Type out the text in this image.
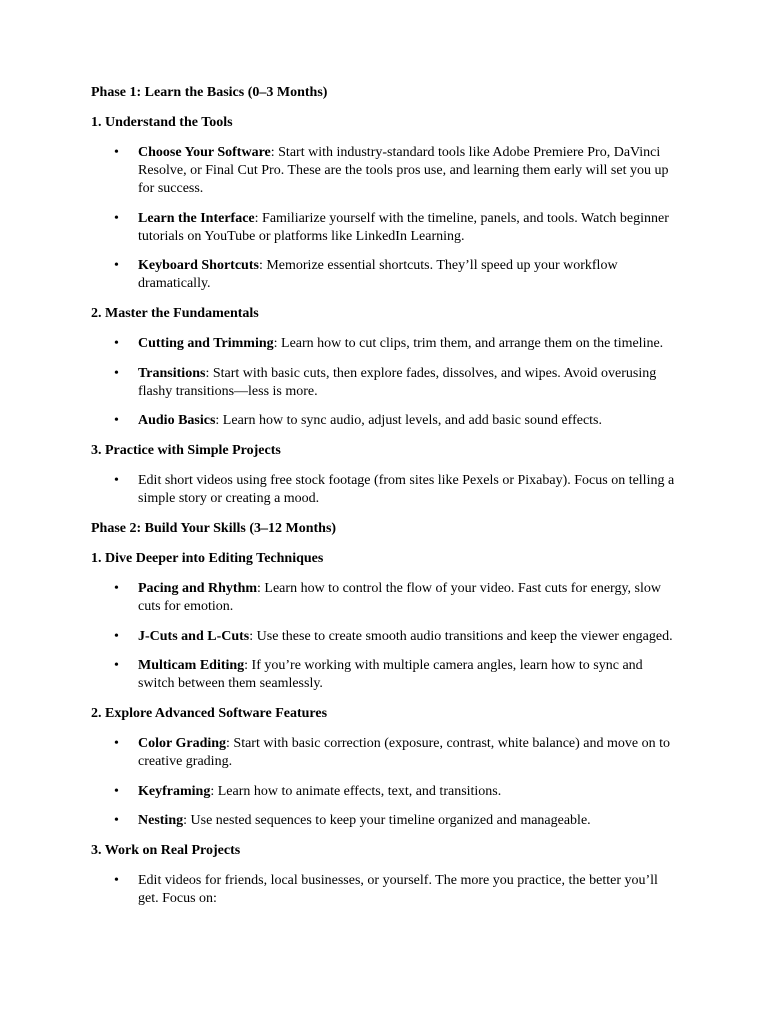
Phase 1: Learn the Basics (0–3 Months)
1. Understand the Tools
• Choose Your Software: Start with industry-standard tools like Adobe Premiere Pro, DaVinci Resolve, or Final Cut Pro. These are the tools pros use, and learning them early will set you up for success.
• Learn the Interface: Familiarize yourself with the timeline, panels, and tools. Watch beginner tutorials on YouTube or platforms like LinkedIn Learning.
• Keyboard Shortcuts: Memorize essential shortcuts. They’ll speed up your workflow dramatically.
2. Master the Fundamentals
• Cutting and Trimming: Learn how to cut clips, trim them, and arrange them on the timeline.
• Transitions: Start with basic cuts, then explore fades, dissolves, and wipes. Avoid overusing flashy transitions—less is more.
• Audio Basics: Learn how to sync audio, adjust levels, and add basic sound effects.
3. Practice with Simple Projects
• Edit short videos using free stock footage (from sites like Pexels or Pixabay). Focus on telling a simple story or creating a mood.
Phase 2: Build Your Skills (3–12 Months)
1. Dive Deeper into Editing Techniques
• Pacing and Rhythm: Learn how to control the flow of your video. Fast cuts for energy, slow cuts for emotion.
• J-Cuts and L-Cuts: Use these to create smooth audio transitions and keep the viewer engaged.
• Multicam Editing: If you’re working with multiple camera angles, learn how to sync and switch between them seamlessly.
2. Explore Advanced Software Features
• Color Grading: Start with basic correction (exposure, contrast, white balance) and move on to creative grading.
• Keyframing: Learn how to animate effects, text, and transitions.
• Nesting: Use nested sequences to keep your timeline organized and manageable.
3. Work on Real Projects
• Edit videos for friends, local businesses, or yourself. The more you practice, the better you’ll get. Focus on:
